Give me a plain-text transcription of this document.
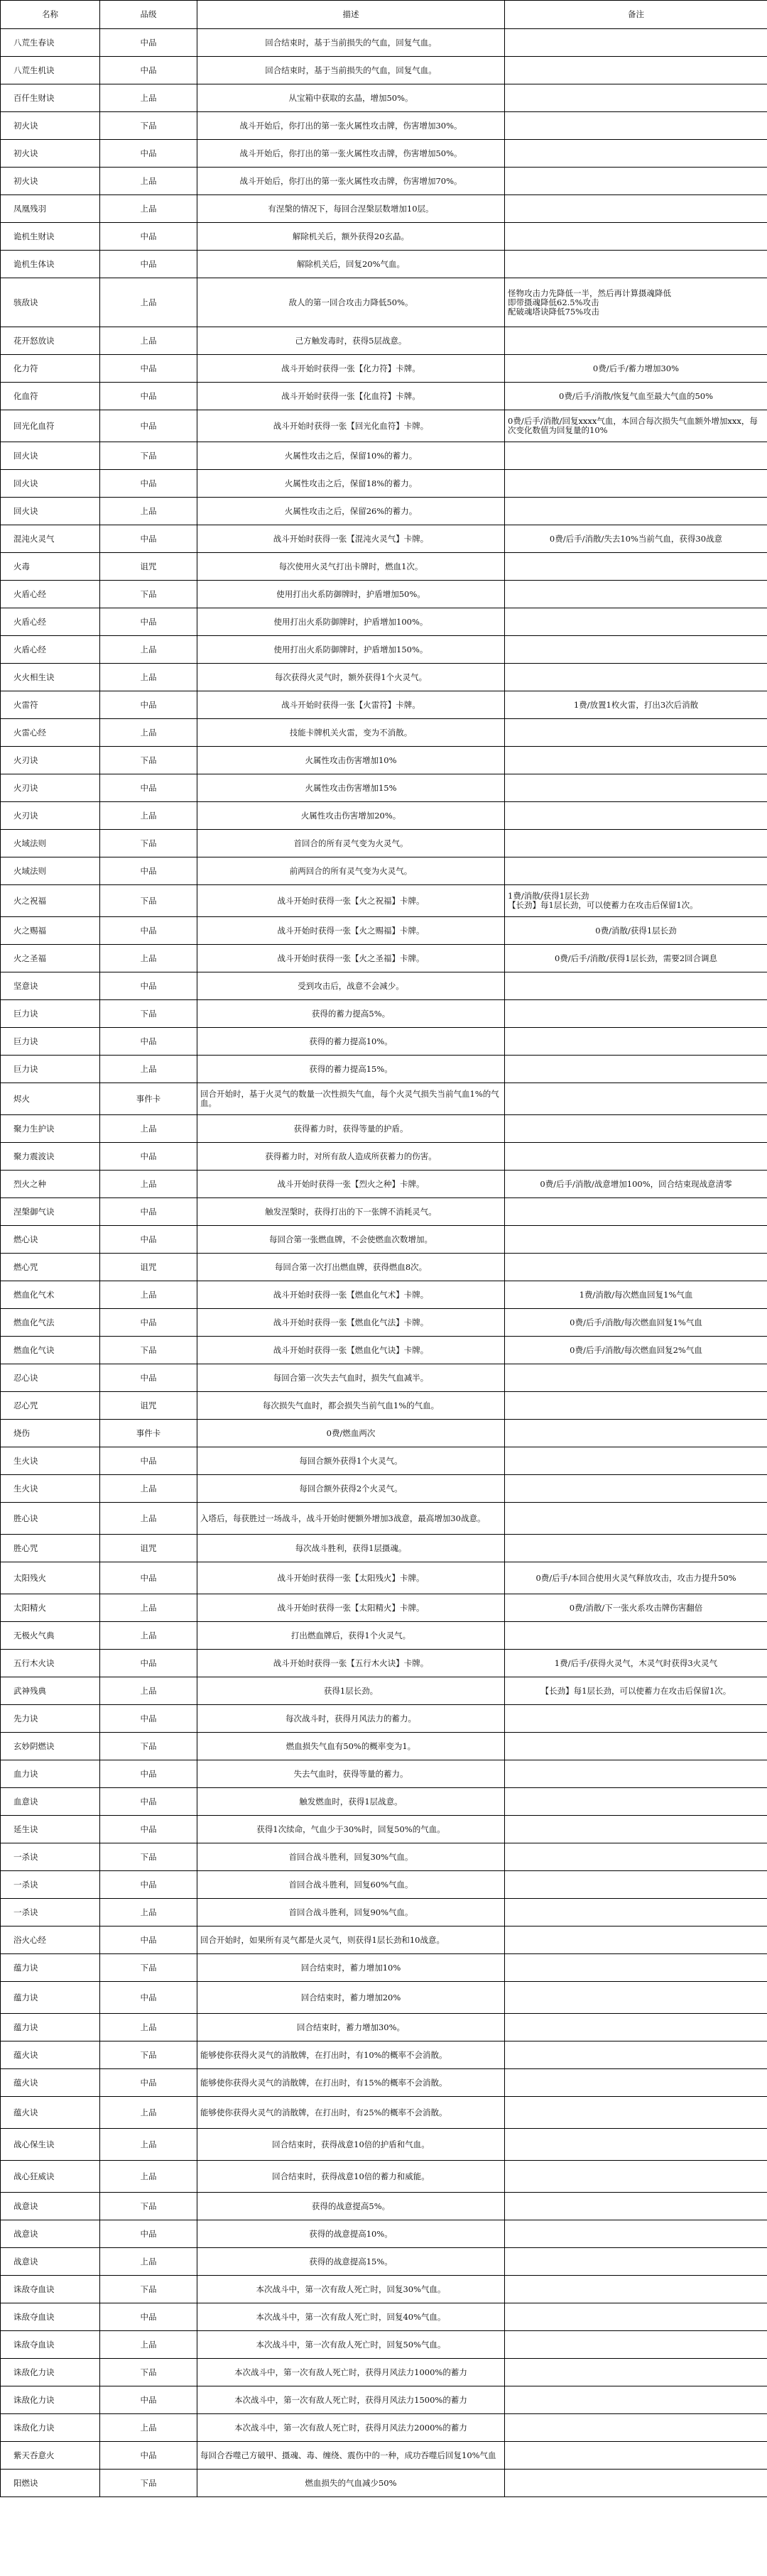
名称	品级	描述	备注
八荒生春诀	中品	回合结束时，基于当前损失的气血，回复气血。	
八荒生机诀	中品	回合结束时，基于当前损失的气血，回复气血。	
百仟生财诀	上品	从宝箱中获取的玄晶，增加50%。	
初火诀	下品	战斗开始后，你打出的第一张火属性攻击牌，伤害增加30%。	
初火诀	中品	战斗开始后，你打出的第一张火属性攻击牌，伤害增加50%。	
初火诀	上品	战斗开始后，你打出的第一张火属性攻击牌，伤害增加70%。	
凤凰残羽	上品	有涅槃的情况下，每回合涅槃层数增加10层。	
诡机生财诀	中品	解除机关后，额外获得20玄晶。	
诡机生体诀	中品	解除机关后，回复20%气血。	
骇敌诀	上品	敌人的第一回合攻击力降低50%。	怪物攻击力先降低一半，然后再计算摄魂降低
即带摄魂降低62.5%攻击
配破魂塔诀降低75%攻击
花开怒放诀	上品	己方触发毒时，获得5层战意。	
化力符	中品	战斗开始时获得一张【化力符】卡牌。	0费/后手/蓄力增加30%
化血符	中品	战斗开始时获得一张【化血符】卡牌。	0费/后手/消散/恢复气血至最大气血的50%
回光化血符	中品	战斗开始时获得一张【回光化血符】卡牌。	0费/后手/消散/回复xxxx气血，本回合每次损失气血额外增加xxx，每次变化数值为回复量的10%
回火诀	下品	火属性攻击之后，保留10%的蓄力。	
回火诀	中品	火属性攻击之后，保留18%的蓄力。	
回火诀	上品	火属性攻击之后，保留26%的蓄力。	
混沌火灵气	中品	战斗开始时获得一张【混沌火灵气】卡牌。	0费/后手/消散/失去10%当前气血，获得30战意
火毒	诅咒	每次使用火灵气打出卡牌时，燃血1次。	
火盾心经	下品	使用打出火系防御牌时，护盾增加50%。	
火盾心经	中品	使用打出火系防御牌时，护盾增加100%。	
火盾心经	上品	使用打出火系防御牌时，护盾增加150%。	
火火相生诀	上品	每次获得火灵气时，额外获得1个火灵气。	
火雷符	中品	战斗开始时获得一张【火雷符】卡牌。	1费/放置1枚火雷，打出3次后消散
火雷心经	上品	技能卡牌机关火雷，变为不消散。	
火刃诀	下品	火属性攻击伤害增加10%	
火刃诀	中品	火属性攻击伤害增加15%	
火刃诀	上品	火属性攻击伤害增加20%。	
火域法则	下品	首回合的所有灵气变为火灵气。	
火域法则	中品	前两回合的所有灵气变为火灵气。	
火之祝福	下品	战斗开始时获得一张【火之祝福】卡牌。	1费/消散/获得1层长劲
【长劲】每1层长劲，可以使蓄力在攻击后保留1次。
火之赐福	中品	战斗开始时获得一张【火之赐福】卡牌。	0费/消散/获得1层长劲
火之圣福	上品	战斗开始时获得一张【火之圣福】卡牌。	0费/后手/消散/获得1层长劲，需要2回合调息
坚意诀	中品	受到攻击后，战意不会减少。	
巨力诀	下品	获得的蓄力提高5%。	
巨力诀	中品	获得的蓄力提高10%。	
巨力诀	上品	获得的蓄力提高15%。	
烬火	事件卡	回合开始时，基于火灵气的数量一次性损失气血，每个火灵气损失当前气血1%的气血。	
聚力生护诀	上品	获得蓄力时，获得等量的护盾。	
聚力震波诀	中品	获得蓄力时，对所有敌人造成所获蓄力的伤害。	
烈火之种	上品	战斗开始时获得一张【烈火之种】卡牌。	0费/后手/消散/战意增加100%，回合结束现战意清零
涅槃御气诀	中品	触发涅槃时，获得打出的下一张牌不消耗灵气。	
燃心诀	中品	每回合第一张燃血牌，不会使燃血次数增加。	
燃心咒	诅咒	每回合第一次打出燃血牌，获得燃血8次。	
燃血化气术	上品	战斗开始时获得一张【燃血化气术】卡牌。	1费/消散/每次燃血回复1%气血
燃血化气法	中品	战斗开始时获得一张【燃血化气法】卡牌。	0费/后手/消散/每次燃血回复1%气血
燃血化气诀	下品	战斗开始时获得一张【燃血化气诀】卡牌。	0费/后手/消散/每次燃血回复2%气血
忍心诀	中品	每回合第一次失去气血时，损失气血减半。	
忍心咒	诅咒	每次损失气血时，都会损失当前气血1%的气血。	
烧伤	事件卡	0费/燃血两次	
生火诀	中品	每回合额外获得1个火灵气。	
生火诀	上品	每回合额外获得2个火灵气。	
胜心诀	上品	入塔后，每获胜过一场战斗，战斗开始时便额外增加3战意，最高增加30战意。	
胜心咒	诅咒	每次战斗胜利，获得1层摄魂。	
太阳残火	中品	战斗开始时获得一张【太阳残火】卡牌。	0费/后手/本回合使用火灵气释放攻击，攻击力提升50%
太阳精火	上品	战斗开始时获得一张【太阳精火】卡牌。	0费/消散/下一张火系攻击牌伤害翻倍
无极火气典	上品	打出燃血牌后，获得1个火灵气。	
五行木火诀	中品	战斗开始时获得一张【五行木火诀】卡牌。	1费/后手/获得火灵气，木灵气时获得3火灵气
武神残典	上品	获得1层长劲。	【长劲】每1层长劲，可以使蓄力在攻击后保留1次。
先力诀	中品	每次战斗时，获得月风法力的蓄力。	
玄妙阴燃诀	下品	燃血损失气血有50%的概率变为1。	
血力诀	中品	失去气血时，获得等量的蓄力。	
血意诀	中品	触发燃血时，获得1层战意。	
延生诀	中品	获得1次续命，气血少于30%时，回复50%的气血。	
一杀诀	下品	首回合战斗胜利，回复30%气血。	
一杀诀	中品	首回合战斗胜利，回复60%气血。	
一杀诀	上品	首回合战斗胜利，回复90%气血。	
浴火心经	中品	回合开始时，如果所有灵气都是火灵气，则获得1层长劲和10战意。	
蕴力诀	下品	回合结束时，蓄力增加10%	
蕴力诀	中品	回合结束时，蓄力增加20%	
蕴力诀	上品	回合结束时，蓄力增加30%。	
蕴火诀	下品	能够使你获得火灵气的消散牌，在打出时，有10%的概率不会消散。	
蕴火诀	中品	能够使你获得火灵气的消散牌，在打出时，有15%的概率不会消散。	
蕴火诀	上品	能够使你获得火灵气的消散牌，在打出时，有25%的概率不会消散。	
战心保生诀	上品	回合结束时，获得战意10倍的护盾和气血。	
战心狂威诀	上品	回合结束时，获得战意10倍的蓄力和威能。	
战意诀	下品	获得的战意提高5%。	
战意诀	中品	获得的战意提高10%。	
战意诀	上品	获得的战意提高15%。	
诛敌夺血诀	下品	本次战斗中，第一次有敌人死亡时，回复30%气血。	
诛敌夺血诀	中品	本次战斗中，第一次有敌人死亡时，回复40%气血。	
诛敌夺血诀	上品	本次战斗中，第一次有敌人死亡时，回复50%气血。	
诛敌化力诀	下品	本次战斗中，第一次有敌人死亡时，获得月风法力1000%的蓄力	
诛敌化力诀	中品	本次战斗中，第一次有敌人死亡时，获得月风法力1500%的蓄力	
诛敌化力诀	上品	本次战斗中，第一次有敌人死亡时，获得月风法力2000%的蓄力	
紫天吞意火	中品	每回合吞噬己方破甲、摄魂、毒、缠绕、震伤中的一种，成功吞噬后回复10%气血	
阳燃诀	下品	燃血损失的气血减少50%	
